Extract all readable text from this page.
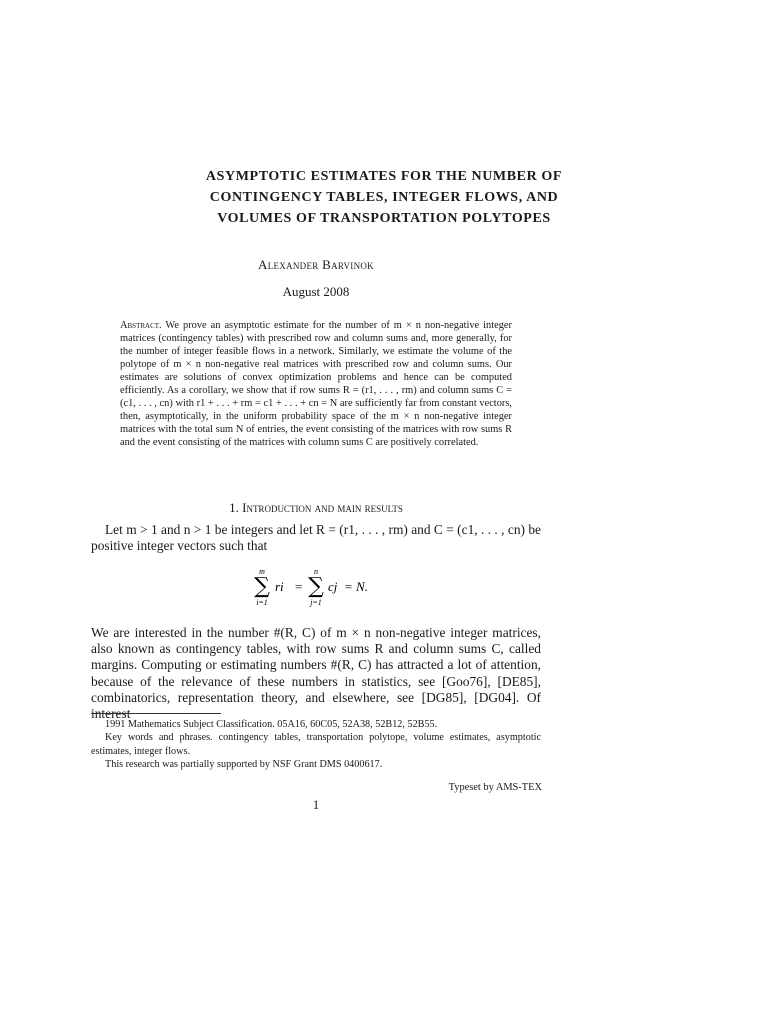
ASYMPTOTIC ESTIMATES FOR THE NUMBER OF
CONTINGENCY TABLES, INTEGER FLOWS, AND
VOLUMES OF TRANSPORTATION POLYTOPES
Alexander Barvinok
August 2008
Abstract. We prove an asymptotic estimate for the number of m × n non-negative integer matrices (contingency tables) with prescribed row and column sums and, more generally, for the number of integer feasible flows in a network. Similarly, we estimate the volume of the polytope of m × n non-negative real matrices with prescribed row and column sums. Our estimates are solutions of convex optimization problems and hence can be computed efficiently. As a corollary, we show that if row sums R = (r1, . . . , rm) and column sums C = (c1, . . . , cn) with r1 + . . . + rm = c1 + . . . + cn = N are sufficiently far from constant vectors, then, asymptotically, in the uniform probability space of the m × n non-negative integer matrices with the total sum N of entries, the event consisting of the matrices with row sums R and the event consisting of the matrices with column sums C are positively correlated.
1. Introduction and main results
Let m > 1 and n > 1 be integers and let R = (r1, . . . , rm) and C = (c1, . . . , cn) be positive integer vectors such that
m
∑
i=1
ri =
n
∑
j=1
cj = N.
We are interested in the number #(R, C) of m × n non-negative integer matrices, also known as contingency tables, with row sums R and column sums C, called margins. Computing or estimating numbers #(R, C) has attracted a lot of attention, because of the relevance of these numbers in statistics, see [Goo76], [DE85], combinatorics, representation theory, and elsewhere, see [DG85], [DG04]. Of interest

1991 Mathematics Subject Classification. 05A16, 60C05, 52A38, 52B12, 52B55.

Key words and phrases. contingency tables, transportation polytope, volume estimates, asymptotic estimates, integer flows.

This research was partially supported by NSF Grant DMS 0400617.

Typeset by AMS-TEX
1
